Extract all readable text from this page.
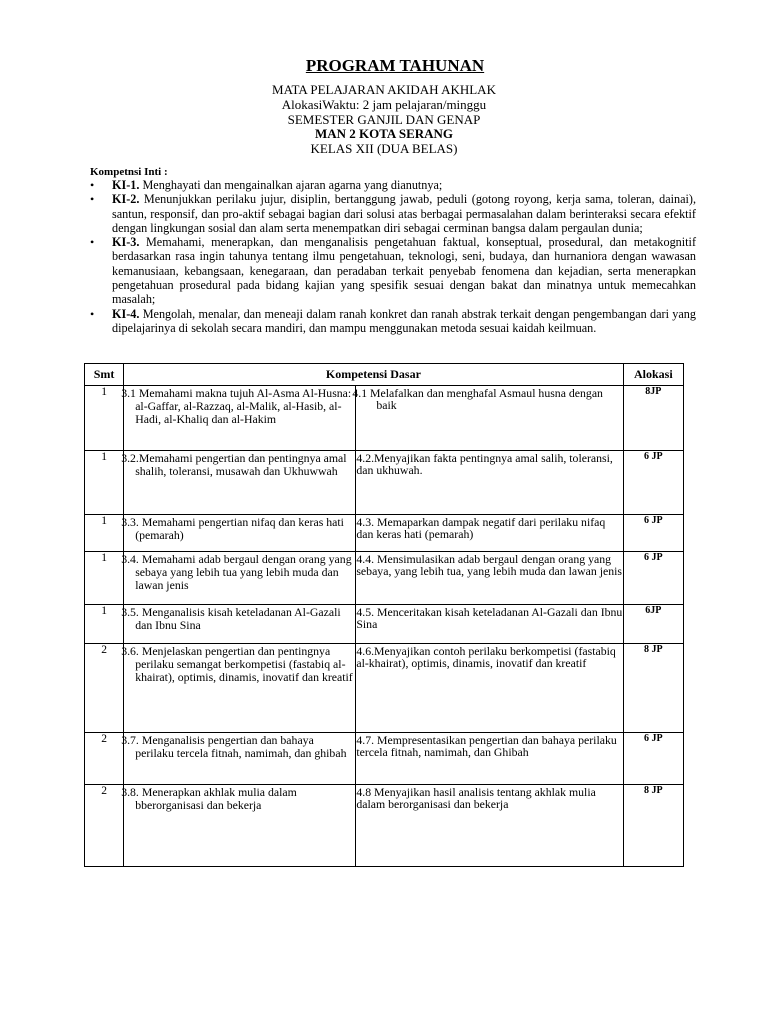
PROGRAM TAHUNAN
MATA PELAJARAN AKIDAH AKHLAK
AlokasiWaktu: 2 jam pelajaran/minggu
SEMESTER GANJIL DAN GENAP
MAN 2 KOTA SERANG
KELAS XII (DUA BELAS)
Kompetnsi Inti :
• KI-1. Menghayati dan mengainalkan ajaran agarna yang dianutnya;
• KI-2. Menunjukkan perilaku jujur, disiplin, bertanggung jawab, peduli (gotong royong, kerja sama, toleran, dainai), santun, responsif, dan pro-aktif sebagai bagian dari solusi atas berbagai permasalahan dalam berinteraksi secara efektif dengan lingkungan sosial dan alam serta menempatkan diri sebagai cerminan bangsa dalam pergaulan dunia;
• KI-3. Memahami, menerapkan, dan menganalisis pengetahuan faktual, konseptual, prosedural, dan metakognitif berdasarkan rasa ingin tahunya tentang ilmu pengetahuan, teknologi, seni, budaya, dan hurnaniora dengan wawasan kemanusiaan, kebangsaan, kenegaraan, dan peradaban terkait penyebab fenomena dan kejadian, serta menerapkan pengetahuan prosedural pada bidang kajian yang spesifik sesuai dengan bakat dan minatnya untuk memecahkan masalah;
• KI-4. Mengolah, menalar, dan meneaji dalam ranah konkret dan ranah abstrak terkait dengan pengembangan dari yang dipelajarinya di sekolah secara mandiri, dan mampu menggunakan metoda sesuai kaidah keilmuan.
Smt	Kompetensi Dasar		Alokasi
1	3.1 Memahami makna tujuh Al-Asma Al-Husna: al-Gaffar, al-Razzaq, al-Malik, al-Hasib, al-Hadi, al-Khaliq dan al-Hakim	4.1 Melafalkan dan menghafal Asmaul husna dengan baik	8JP
1	3.2.Memahami pengertian dan pentingnya amal shalih, toleransi, musawah dan Ukhuwwah	4.2.Menyajikan fakta pentingnya amal salih, toleransi, dan ukhuwah.	6 JP
1	3.3. Memahami pengertian nifaq dan keras hati (pemarah)	4.3. Memaparkan dampak negatif dari perilaku nifaq dan keras hati (pemarah)	6 JP
1	3.4. Memahami adab bergaul dengan orang yang sebaya yang lebih tua yang lebih muda dan lawan jenis	4.4. Mensimulasikan adab bergaul dengan orang yang sebaya, yang lebih tua, yang lebih muda dan lawan jenis	6 JP
1	3.5. Menganalisis kisah keteladanan Al-Gazali dan Ibnu Sina	4.5. Menceritakan kisah keteladanan Al-Gazali dan Ibnu Sina	6JP
2	3.6. Menjelaskan pengertian dan pentingnya perilaku semangat berkompetisi (fastabiq al-khairat), optimis, dinamis, inovatif dan kreatif	4.6.Menyajikan contoh perilaku berkompetisi (fastabiq al-khairat), optimis, dinamis, inovatif dan kreatif	8 JP
2	3.7. Menganalisis pengertian dan bahaya perilaku tercela fitnah, namimah, dan ghibah	4.7. Mempresentasikan pengertian dan bahaya perilaku tercela fitnah, namimah, dan Ghibah	6 JP
2	3.8. Menerapkan akhlak mulia dalam bberorganisasi dan bekerja	4.8 Menyajikan hasil analisis tentang akhlak mulia dalam berorganisasi dan bekerja	8 JP
